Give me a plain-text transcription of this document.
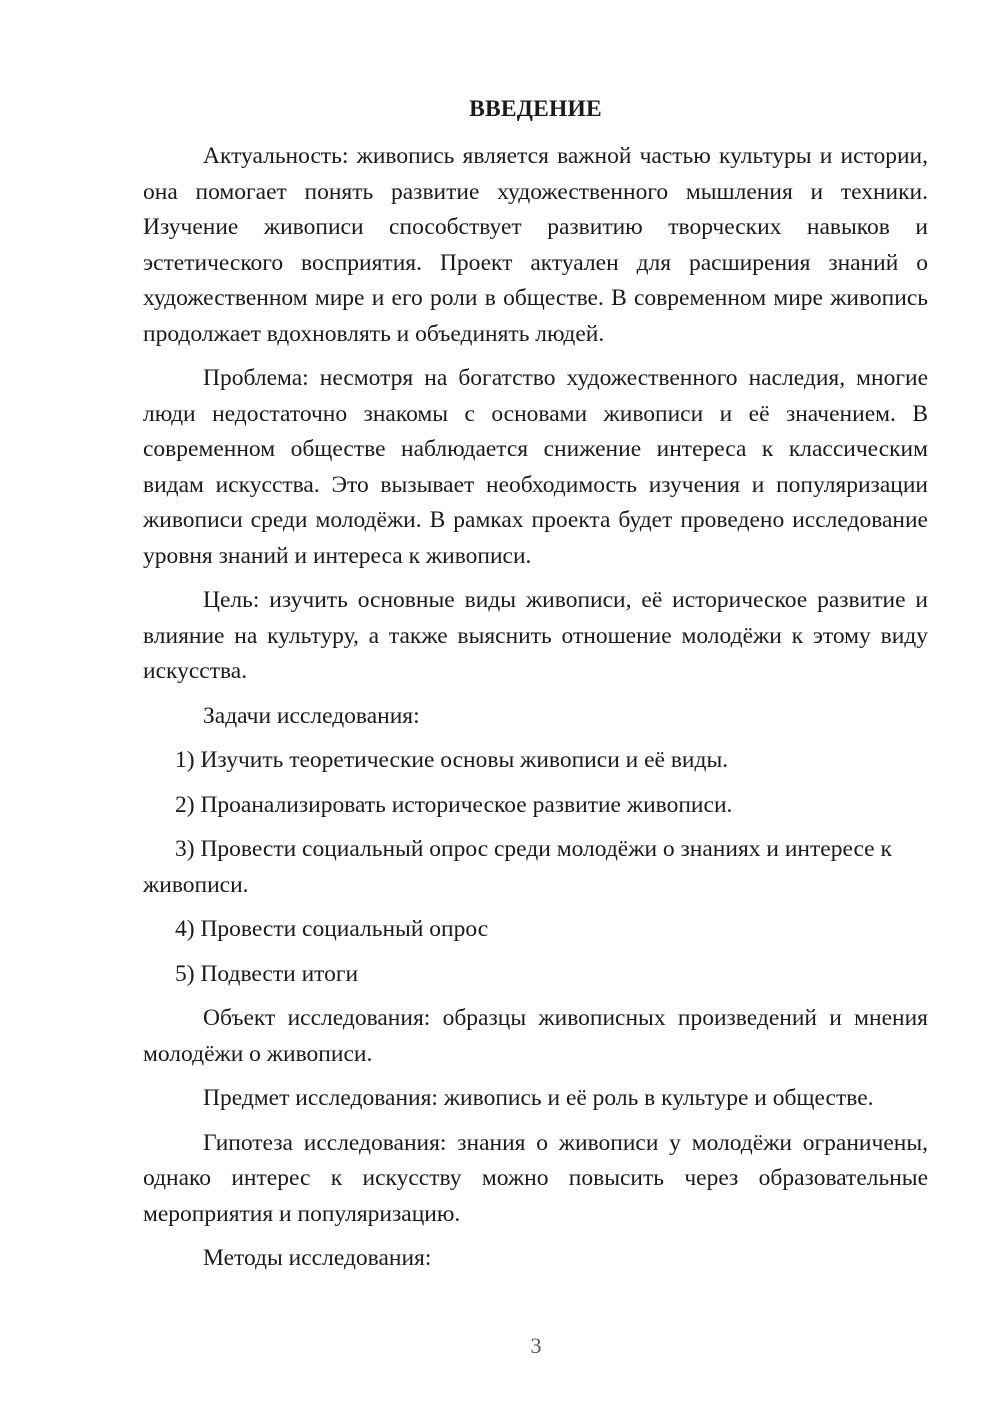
ВВЕДЕНИЕ

Актуальность: живопись является важной частью культуры и истории, она помогает понять развитие художественного мышления и техники. Изучение живописи способствует развитию творческих навыков и эстетического восприятия. Проект актуален для расширения знаний о художественном мире и его роли в обществе. В современном мире живопись продолжает вдохновлять и объединять людей.

Проблема: несмотря на богатство художественного наследия, многие люди недостаточно знакомы с основами живописи и её значением. В современном обществе наблюдается снижение интереса к классическим видам искусства. Это вызывает необходимость изучения и популяризации живописи среди молодёжи. В рамках проекта будет проведено исследование уровня знаний и интереса к живописи.

Цель: изучить основные виды живописи, её историческое развитие и влияние на культуру, а также выяснить отношение молодёжи к этому виду искусства.

Задачи исследования:

1) Изучить теоретические основы живописи и её виды.

2) Проанализировать историческое развитие живописи.

3) Провести социальный опрос среди молодёжи о знаниях и интересе к живописи.

4) Провести социальный опрос

5) Подвести итоги

Объект исследования: образцы живописных произведений и мнения молодёжи о живописи.

Предмет исследования: живопись и её роль в культуре и обществе.

Гипотеза исследования: знания о живописи у молодёжи ограничены, однако интерес к искусству можно повысить через образовательные мероприятия и популяризацию.

Методы исследования:

3
